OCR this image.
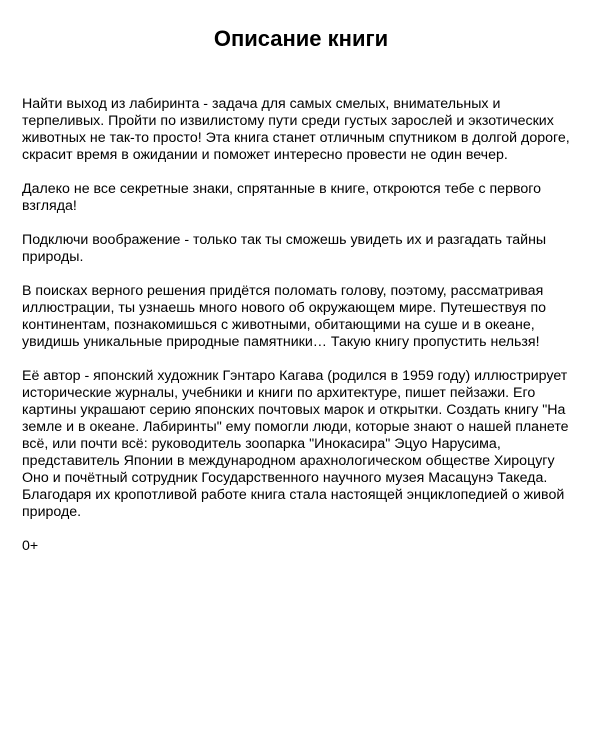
Описание книги

Найти выход из лабиринта - задача для самых смелых, внимательных и терпеливых. Пройти по извилистому пути среди густых зарослей и экзотических животных не так-то просто! Эта книга станет отличным спутником в долгой дороге, скрасит время в ожидании и поможет интересно провести не один вечер.

Далеко не все секретные знаки, спрятанные в книге, откроются тебе с первого взгляда!

Подключи воображение - только так ты сможешь увидеть их и разгадать тайны природы.

В поисках верного решения придётся поломать голову, поэтому, рассматривая иллюстрации, ты узнаешь много нового об окружающем мире. Путешествуя по континентам, познакомишься с животными, обитающими на суше и в океане, увидишь уникальные природные памятники… Такую книгу пропустить нельзя!

Её автор - японский художник Гэнтаро Кагава (родился в 1959 году) иллюстрирует исторические журналы, учебники и книги по архитектуре, пишет пейзажи. Его картины украшают серию японских почтовых марок и открытки. Создать книгу "На земле и в океане. Лабиринты" ему помогли люди, которые знают о нашей планете всё, или почти всё: руководитель зоопарка "Инокасира" Эцуо Нарусима, представитель Японии в международном арахнологическом обществе Хироцугу Оно и почётный сотрудник Государственного научного музея Масацунэ Такеда. Благодаря их кропотливой работе книга стала настоящей энциклопедией о живой природе.

0+
